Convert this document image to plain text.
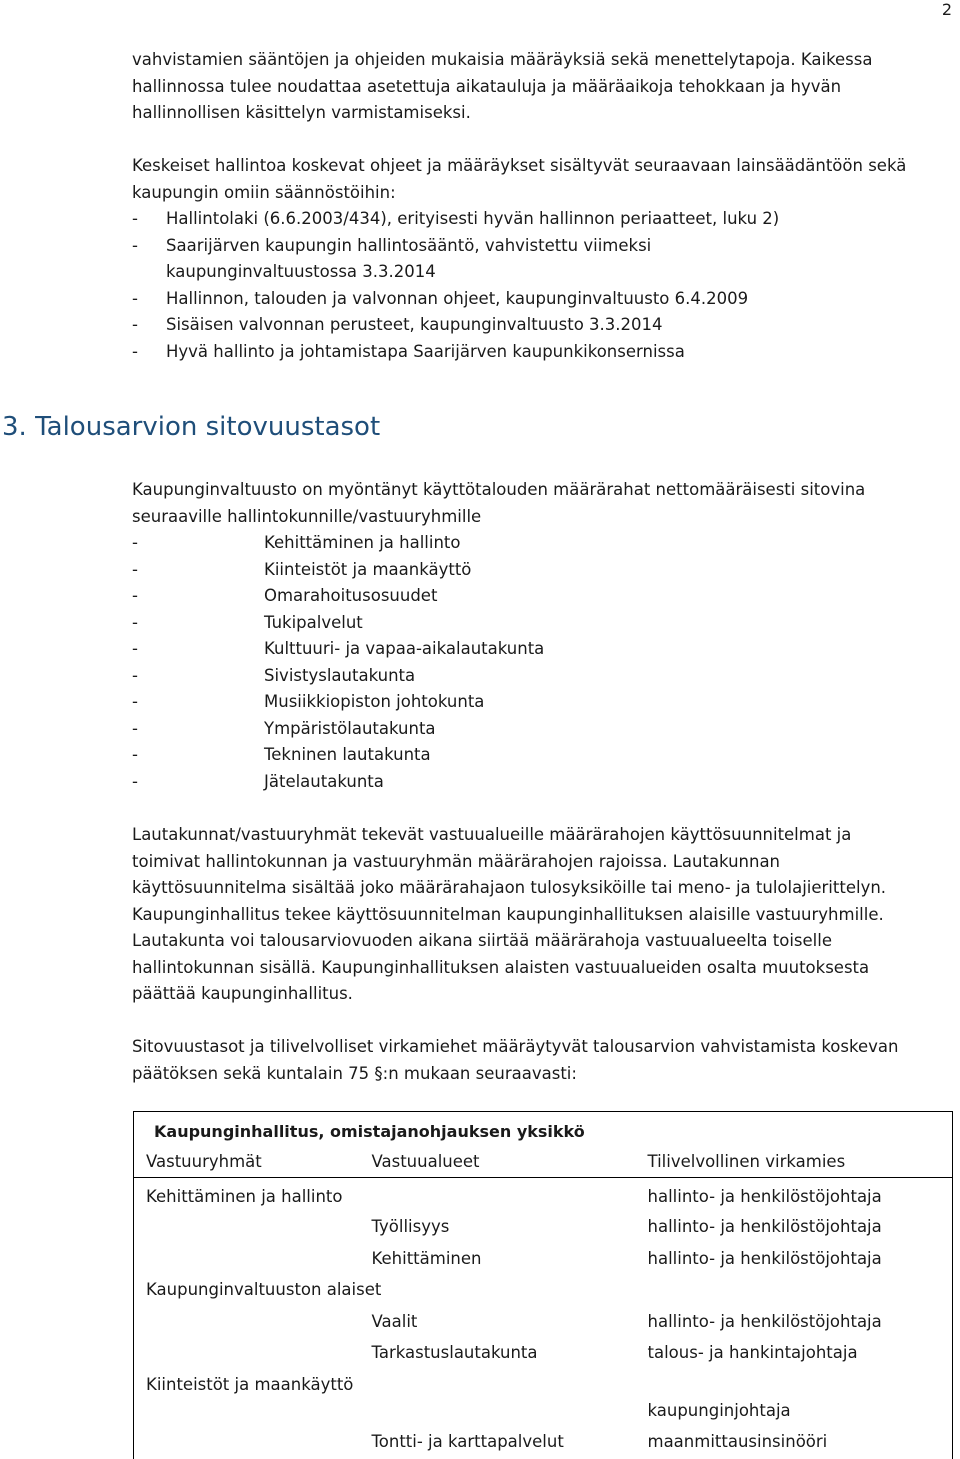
2

vahvistamien sääntöjen ja ohjeiden mukaisia määräyksiä sekä menettelytapoja. Kaikessa
hallinnossa tulee noudattaa asetettuja aikatauluja ja määräaikoja tehokkaan ja hyvän
hallinnollisen käsittelyn varmistamiseksi.

Keskeiset hallintoa koskevat ohjeet ja määräykset sisältyvät seuraavaan lainsäädäntöön sekä
kaupungin omiin säännöstöihin:

- Hallintolaki (6.6.2003/434), erityisesti hyvän hallinnon periaatteet, luku 2)
- Saarijärven kaupungin hallintosääntö, vahvistettu viimeksi kaupunginvaltuustossa 3.3.2014
- Hallinnon, talouden ja valvonnan ohjeet, kaupunginvaltuusto 6.4.2009
- Sisäisen valvonnan perusteet, kaupunginvaltuusto 3.3.2014
- Hyvä hallinto ja johtamistapa Saarijärven kaupunkikonsernissa
3. Talousarvion sitovuustasot

Kaupunginvaltuusto on myöntänyt käyttötalouden määrärahat nettomääräisesti sitovina
seuraaville hallintokunnille/vastuuryhmille

- Kehittäminen ja hallinto
- Kiinteistöt ja maankäyttö
- Omarahoitusosuudet
- Tukipalvelut
- Kulttuuri- ja vapaa-aikalautakunta
- Sivistyslautakunta
- Musiikkiopiston johtokunta
- Ympäristölautakunta
- Tekninen lautakunta
- Jätelautakunta

Lautakunnat/vastuuryhmät tekevät vastuualueille määrärahojen käyttösuunnitelmat ja
toimivat hallintokunnan ja vastuuryhmän määrärahojen rajoissa. Lautakunnan
käyttösuunnitelma sisältää joko määrärahajaon tulosyksiköille tai meno- ja tulolajierittelyn.
Kaupunginhallitus tekee käyttösuunnitelman kaupunginhallituksen alaisille vastuuryhmille.
Lautakunta voi talousarviovuoden aikana siirtää määrärahoja vastuualueelta toiselle
hallintokunnan sisällä. Kaupunginhallituksen alaisten vastuualueiden osalta muutoksesta
päättää kaupunginhallitus.

Sitovuustasot ja tilivelvolliset virkamiehet määräytyvät talousarvion vahvistamista koskevan
päätöksen sekä kuntalain 75 §:n mukaan seuraavasti:

Kaupunginhallitus, omistajanohjauksen yksikkö		
Vastuuryhmät	Vastuualueet	Tilivelvollinen virkamies
Kehittäminen ja hallinto		hallinto- ja henkilöstöjohtaja
	Työllisyys	hallinto- ja henkilöstöjohtaja
	Kehittäminen	hallinto- ja henkilöstöjohtaja
Kaupunginvaltuuston alaiset		
	Vaalit	hallinto- ja henkilöstöjohtaja
	Tarkastuslautakunta	talous- ja hankintajohtaja
Kiinteistöt ja maankäyttö		kaupunginjohtaja
	Tontti- ja karttapalvelut	maanmittausinsinööri
